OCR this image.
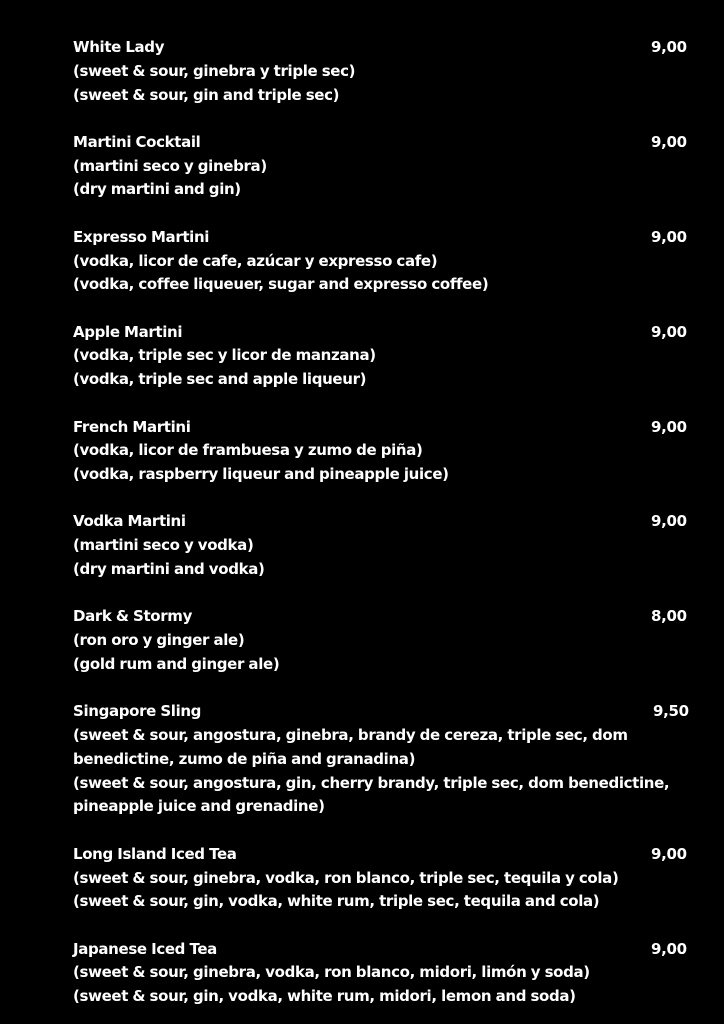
White Lady	9,00
(sweet & sour, ginebra y triple sec)
(sweet & sour, gin and triple sec)
Martini Cocktail	9,00
(martini seco y ginebra)
(dry martini and gin)
Expresso Martini	9,00
(vodka, licor de cafe, azúcar y expresso cafe)
(vodka, coffee liqueuer, sugar and expresso coffee)
Apple Martini	9,00
(vodka, triple sec y licor de manzana)
(vodka, triple sec and apple liqueur)
French Martini	9,00
(vodka, licor de frambuesa y zumo de piña)
(vodka, raspberry liqueur and pineapple juice)
Vodka Martini	9,00
(martini seco y vodka)
(dry martini and vodka)
Dark & Stormy	8,00
(ron oro y ginger ale)
(gold rum and ginger ale)
Singapore Sling	9,50
(sweet & sour, angostura, ginebra, brandy de cereza, triple sec, dom benedictine, zumo de piña and granadina)
(sweet & sour, angostura, gin, cherry brandy, triple sec, dom benedictine, pineapple juice and grenadine)
Long Island Iced Tea	9,00
(sweet & sour, ginebra, vodka, ron blanco, triple sec, tequila y cola)
(sweet & sour, gin, vodka, white rum, triple sec, tequila and cola)
Japanese Iced Tea	9,00
(sweet & sour, ginebra, vodka, ron blanco, midori, limón y soda)
(sweet & sour, gin, vodka, white rum, midori, lemon and soda)
